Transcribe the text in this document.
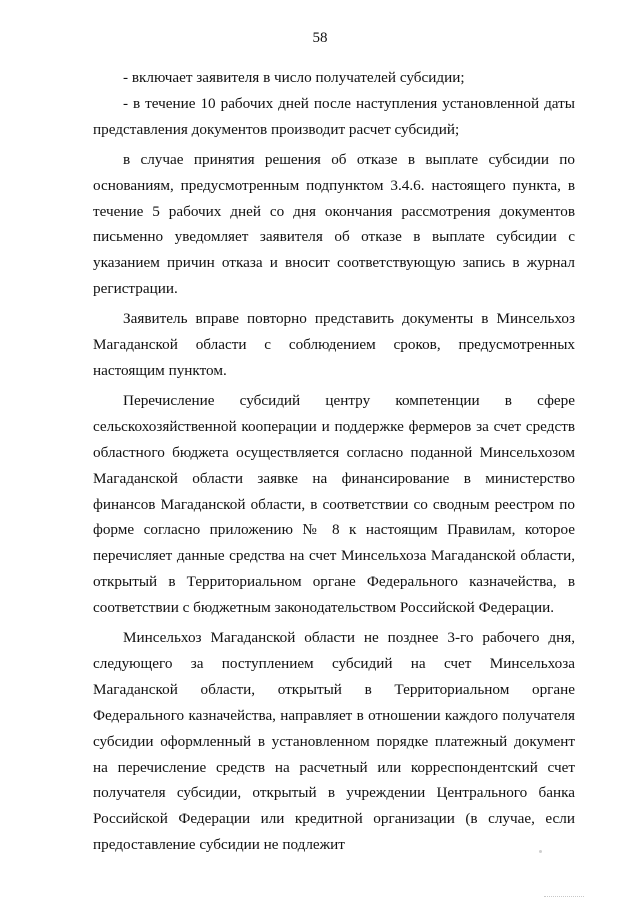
58

- включает заявителя в число получателей субсидии;

- в течение 10 рабочих дней после наступления установленной даты представления документов производит расчет субсидий;

в случае принятия решения об отказе в выплате субсидии по основаниям, предусмотренным подпунктом 3.4.6. настоящего пункта, в течение 5 рабочих дней со дня окончания рассмотрения документов письменно уведомляет заявителя об отказе в выплате субсидии с указанием причин отказа и вносит соответствующую запись в журнал регистрации.

Заявитель вправе повторно представить документы в Минсельхоз Магаданской области с соблюдением сроков, предусмотренных настоящим пунктом.

Перечисление субсидий центру компетенции в сфере сельскохозяйственной кооперации и поддержке фермеров за счет средств областного бюджета осуществляется согласно поданной Минсельхозом Магаданской области заявке на финансирование в министерство финансов Магаданской области, в соответствии со сводным реестром по форме согласно приложению № 8 к настоящим Правилам, которое перечисляет данные средства на счет Минсельхоза Магаданской области, открытый в Территориальном органе Федерального казначейства, в соответствии с бюджетным законодательством Российской Федерации.

Минсельхоз Магаданской области не позднее 3-го рабочего дня, следующего за поступлением субсидий на счет Минсельхоза Магаданской области, открытый в Территориальном органе Федерального казначейства, направляет в отношении каждого получателя субсидии оформленный в установленном порядке платежный документ на перечисление средств на расчетный или корреспондентский счет получателя субсидии, открытый в учреждении Центрального банка Российской Федерации или кредитной организации (в случае, если предоставление субсидии не подлежит
